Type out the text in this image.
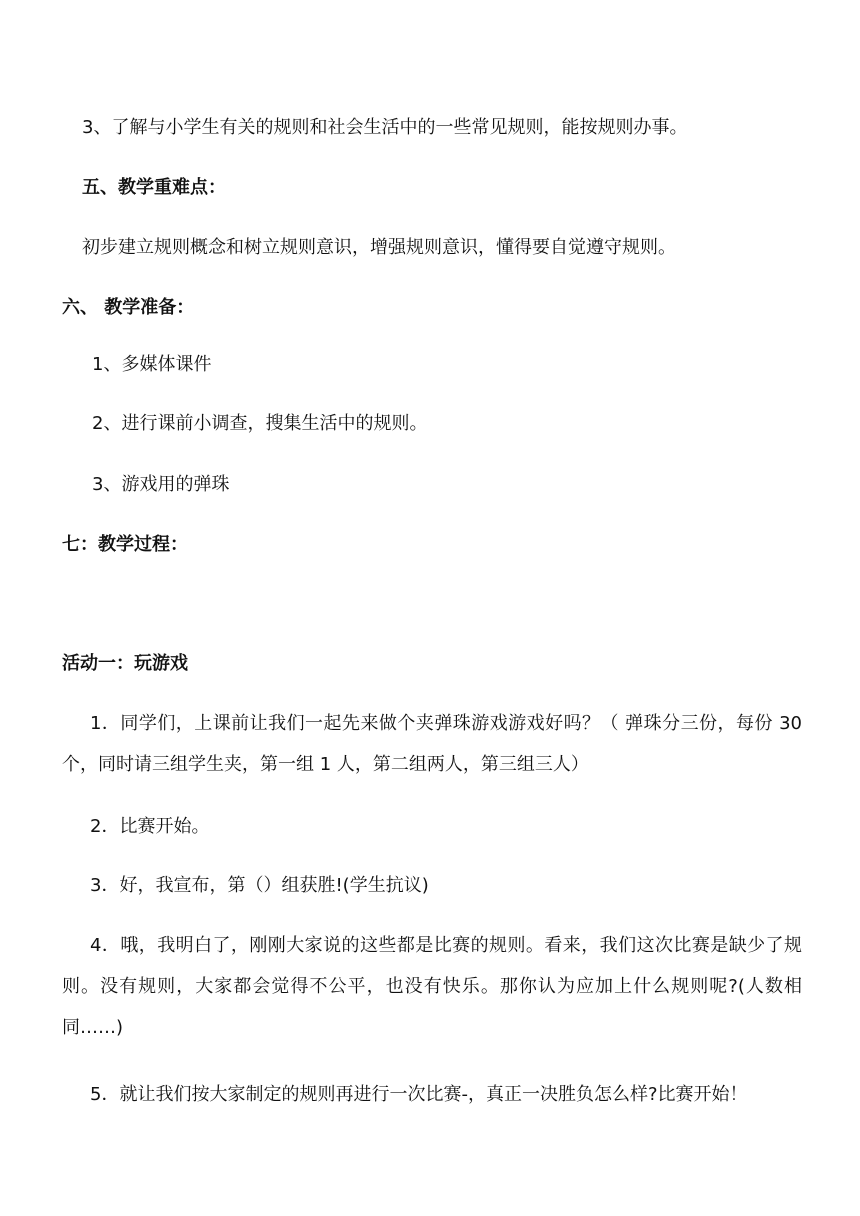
3、了解与小学生有关的规则和社会生活中的一些常见规则，能按规则办事。
五、教学重难点：
初步建立规则概念和树立规则意识，增强规则意识，懂得要自觉遵守规则。
六、 教学准备：
1、多媒体课件
2、进行课前小调查，搜集生活中的规则。
3、游戏用的弹珠
七：教学过程：
活动一：玩游戏
1．同学们，上课前让我们一起先来做个夹弹珠游戏游戏好吗？（ 弹珠分三份，每份 30 个，同时请三组学生夹，第一组 1 人，第二组两人，第三组三人）
2．比赛开始。
3．好，我宣布，第（）组获胜!(学生抗议)
4．哦，我明白了，刚刚大家说的这些都是比赛的规则。看来，我们这次比赛是缺少了规则。没有规则，大家都会觉得不公平，也没有快乐。那你认为应加上什么规则呢?(人数相同……)
5．就让我们按大家制定的规则再进行一次比赛-，真正一决胜负怎么样?比赛开始！
